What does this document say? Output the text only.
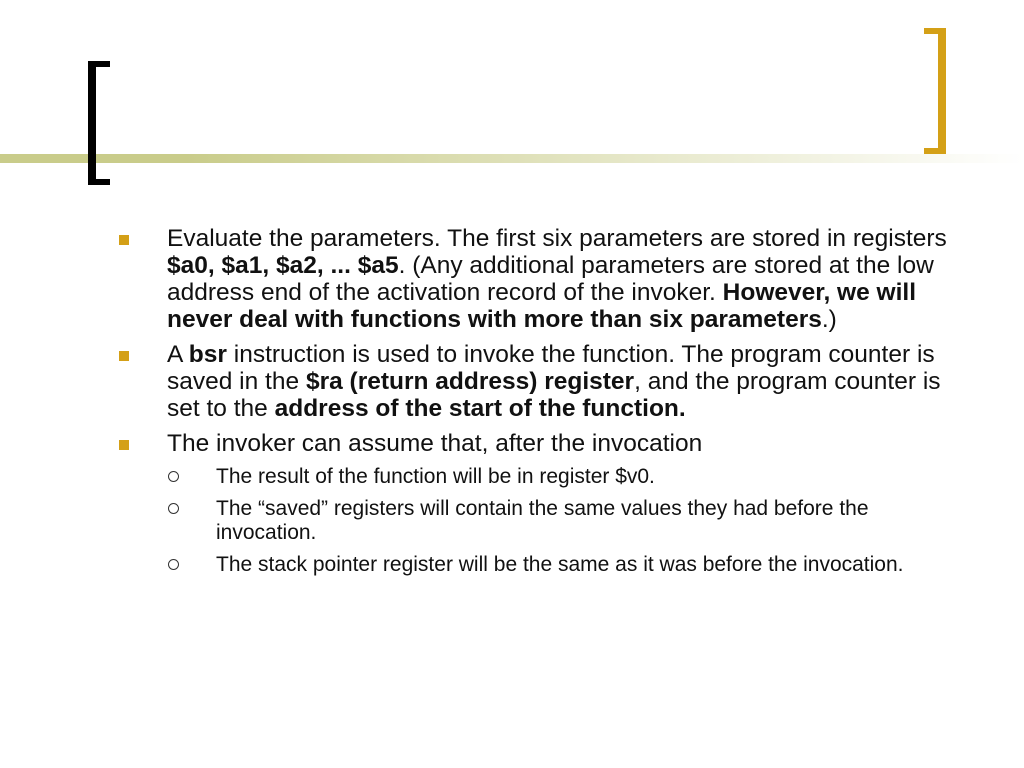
Evaluate the parameters. The first six parameters are stored in registers $a0, $a1, $a2, ... $a5. (Any additional parameters are stored at the low address end of the activation record of the invoker. However, we will never deal with functions with more than six parameters.)
A bsr instruction is used to invoke the function. The program counter is saved in the $ra (return address) register, and the program counter is set to the address of the start of the function.
The invoker can assume that, after the invocation
The result of the function will be in register $v0.
The “saved” registers will contain the same values they had before the invocation.
The stack pointer register will be the same as it was before the invocation.
